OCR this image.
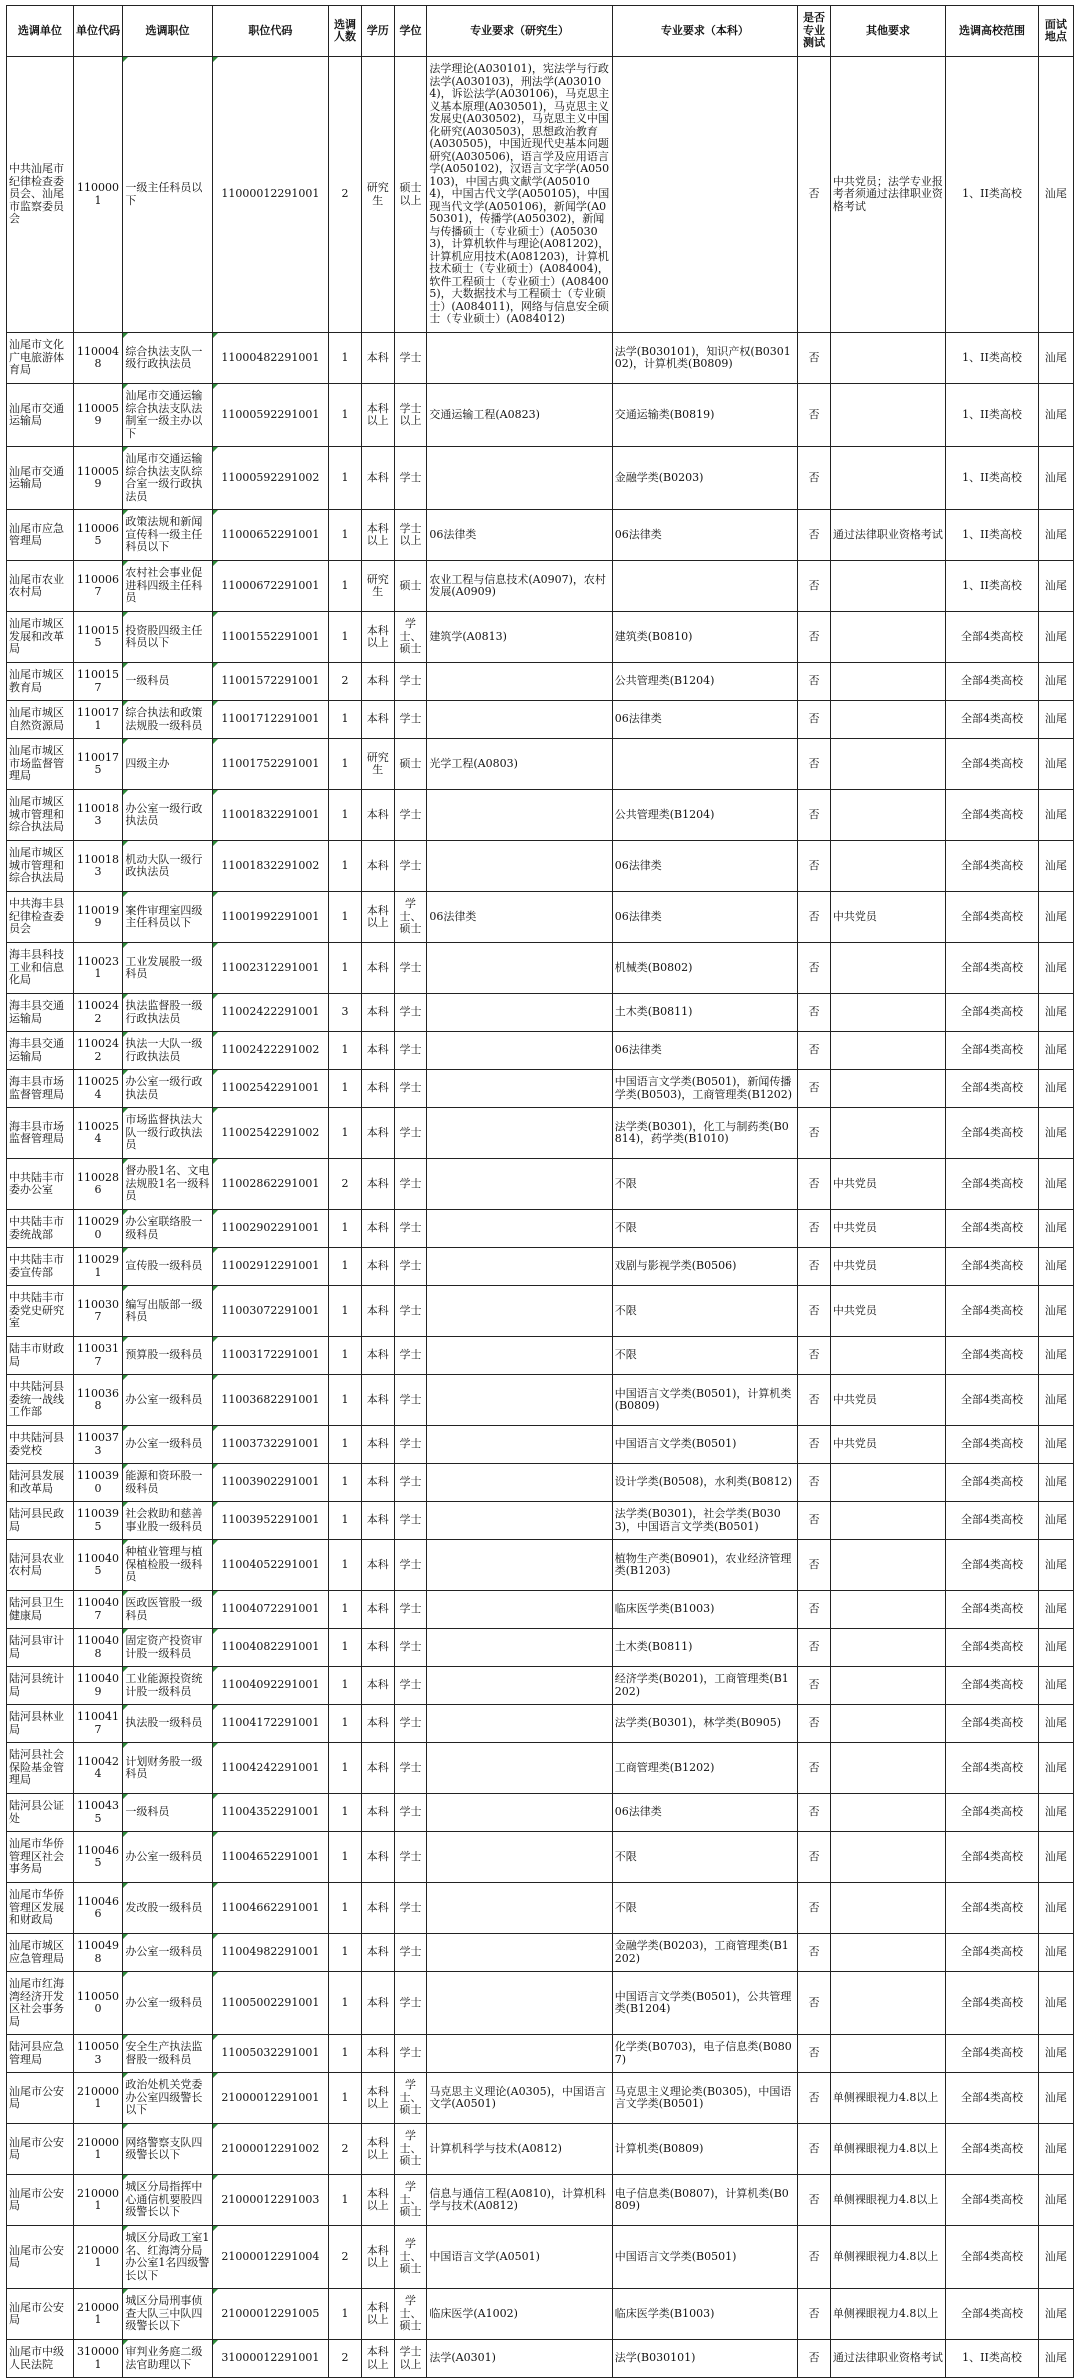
选调单位	单位代码	选调职位	职位代码	选调人数	学历	学位	专业要求（研究生）	专业要求（本科）	是否专业测试	其他要求	选调高校范围	面试地点
中共汕尾市纪律检查委员会、汕尾市监察委员会	1100001	一级主任科员以下	11000012291001	2	研究生	硕士以上	法学理论(A030101)，宪法学与行政法学(A030103)，刑法学(A030104)，诉讼法学(A030106)，马克思主义基本原理(A030501)，马克思主义发展史(A030502)，马克思主义中国化研究(A030503)，思想政治教育(A030505)，中国近现代史基本问题研究(A030506)，语言学及应用语言学(A050102)，汉语言文字学(A050103)，中国古典文献学(A050104)，中国古代文学(A050105)，中国现当代文学(A050106)，新闻学(A050301)，传播学(A050302)，新闻与传播硕士（专业硕士）(A050303)，计算机软件与理论(A081202)，计算机应用技术(A081203)，计算机技术硕士（专业硕士）(A084004)，软件工程硕士（专业硕士）(A084005)，大数据技术与工程硕士（专业硕士）(A084011)，网络与信息安全硕士（专业硕士）(A084012)		否	中共党员；法学专业报考者须通过法律职业资格考试	1、II类高校	汕尾
汕尾市文化广电旅游体育局	1100048	综合执法支队一级行政执法员	11000482291001	1	本科	学士		法学(B030101)，知识产权(B030102)，计算机类(B0809)	否		1、II类高校	汕尾
汕尾市交通运输局	1100059	汕尾市交通运输综合执法支队法制室一级主办以下	11000592291001	1	本科以上	学士以上	交通运输工程(A0823)	交通运输类(B0819)	否		1、II类高校	汕尾
汕尾市交通运输局	1100059	汕尾市交通运输综合执法支队综合室一级行政执法员	11000592291002	1	本科	学士		金融学类(B0203)	否		1、II类高校	汕尾
汕尾市应急管理局	1100065	政策法规和新闻宣传科一级主任科员以下	11000652291001	1	本科以上	学士以上	06法律类	06法律类	否	通过法律职业资格考试	1、II类高校	汕尾
汕尾市农业农村局	1100067	农村社会事业促进科四级主任科员	11000672291001	1	研究生	硕士	农业工程与信息技术(A0907)，农村发展(A0909)		否		1、II类高校	汕尾
汕尾市城区发展和改革局	1100155	投资股四级主任科员以下	11001552291001	1	本科以上	学士、硕士	建筑学(A0813)	建筑类(B0810)	否		全部4类高校	汕尾
汕尾市城区教育局	1100157	一级科员	11001572291001	2	本科	学士		公共管理类(B1204)	否		全部4类高校	汕尾
汕尾市城区自然资源局	1100171	综合执法和政策法规股一级科员	11001712291001	1	本科	学士		06法律类	否		全部4类高校	汕尾
汕尾市城区市场监督管理局	1100175	四级主办	11001752291001	1	研究生	硕士	光学工程(A0803)		否		全部4类高校	汕尾
汕尾市城区城市管理和综合执法局	1100183	办公室一级行政执法员	11001832291001	1	本科	学士		公共管理类(B1204)	否		全部4类高校	汕尾
汕尾市城区城市管理和综合执法局	1100183	机动大队一级行政执法员	11001832291002	1	本科	学士		06法律类	否		全部4类高校	汕尾
中共海丰县纪律检查委员会	1100199	案件审理室四级主任科员以下	11001992291001	1	本科以上	学士、硕士	06法律类	06法律类	否	中共党员	全部4类高校	汕尾
海丰县科技工业和信息化局	1100231	工业发展股一级科员	11002312291001	1	本科	学士		机械类(B0802)	否		全部4类高校	汕尾
海丰县交通运输局	1100242	执法监督股一级行政执法员	11002422291001	3	本科	学士		土木类(B0811)	否		全部4类高校	汕尾
海丰县交通运输局	1100242	执法一大队一级行政执法员	11002422291002	1	本科	学士		06法律类	否		全部4类高校	汕尾
海丰县市场监督管理局	1100254	办公室一级行政执法员	11002542291001	1	本科	学士		中国语言文学类(B0501)，新闻传播学类(B0503)，工商管理类(B1202)	否		全部4类高校	汕尾
海丰县市场监督管理局	1100254	市场监督执法大队一级行政执法员	11002542291002	1	本科	学士		法学类(B0301)，化工与制药类(B0814)，药学类(B1010)	否		全部4类高校	汕尾
中共陆丰市委办公室	1100286	督办股1名、文电法规股1名一级科员	11002862291001	2	本科	学士		不限	否	中共党员	全部4类高校	汕尾
中共陆丰市委统战部	1100290	办公室联络股一级科员	11002902291001	1	本科	学士		不限	否	中共党员	全部4类高校	汕尾
中共陆丰市委宣传部	1100291	宣传股一级科员	11002912291001	1	本科	学士		戏剧与影视学类(B0506)	否	中共党员	全部4类高校	汕尾
中共陆丰市委党史研究室	1100307	编写出版部一级科员	11003072291001	1	本科	学士		不限	否	中共党员	全部4类高校	汕尾
陆丰市财政局	1100317	预算股一级科员	11003172291001	1	本科	学士		不限	否		全部4类高校	汕尾
中共陆河县委统一战线工作部	1100368	办公室一级科员	11003682291001	1	本科	学士		中国语言文学类(B0501)，计算机类(B0809)	否	中共党员	全部4类高校	汕尾
中共陆河县委党校	1100373	办公室一级科员	11003732291001	1	本科	学士		中国语言文学类(B0501)	否	中共党员	全部4类高校	汕尾
陆河县发展和改革局	1100390	能源和资环股一级科员	11003902291001	1	本科	学士		设计学类(B0508)，水利类(B0812)	否		全部4类高校	汕尾
陆河县民政局	1100395	社会救助和慈善事业股一级科员	11003952291001	1	本科	学士		法学类(B0301)，社会学类(B0303)，中国语言文学类(B0501)	否		全部4类高校	汕尾
陆河县农业农村局	1100405	种植业管理与植保植检股一级科员	11004052291001	1	本科	学士		植物生产类(B0901)，农业经济管理类(B1203)	否		全部4类高校	汕尾
陆河县卫生健康局	1100407	医政医管股一级科员	11004072291001	1	本科	学士		临床医学类(B1003)	否		全部4类高校	汕尾
陆河县审计局	1100408	固定资产投资审计股一级科员	11004082291001	1	本科	学士		土木类(B0811)	否		全部4类高校	汕尾
陆河县统计局	1100409	工业能源投资统计股一级科员	11004092291001	1	本科	学士		经济学类(B0201)，工商管理类(B1202)	否		全部4类高校	汕尾
陆河县林业局	1100417	执法股一级科员	11004172291001	1	本科	学士		法学类(B0301)，林学类(B0905)	否		全部4类高校	汕尾
陆河县社会保险基金管理局	1100424	计划财务股一级科员	11004242291001	1	本科	学士		工商管理类(B1202)	否		全部4类高校	汕尾
陆河县公证处	1100435	一级科员	11004352291001	1	本科	学士		06法律类	否		全部4类高校	汕尾
汕尾市华侨管理区社会事务局	1100465	办公室一级科员	11004652291001	1	本科	学士		不限	否		全部4类高校	汕尾
汕尾市华侨管理区发展和财政局	1100466	发改股一级科员	11004662291001	1	本科	学士		不限	否		全部4类高校	汕尾
汕尾市城区应急管理局	1100498	办公室一级科员	11004982291001	1	本科	学士		金融学类(B0203)，工商管理类(B1202)	否		全部4类高校	汕尾
汕尾市红海湾经济开发区社会事务局	1100500	办公室一级科员	11005002291001	1	本科	学士		中国语言文学类(B0501)，公共管理类(B1204)	否		全部4类高校	汕尾
陆河县应急管理局	1100503	安全生产执法监督股一级科员	11005032291001	1	本科	学士		化学类(B0703)，电子信息类(B0807)	否		全部4类高校	汕尾
汕尾市公安局	2100001	政治处机关党委办公室四级警长以下	21000012291001	1	本科以上	学士、硕士	马克思主义理论(A0305)，中国语言文学(A0501)	马克思主义理论类(B0305)，中国语言文学类(B0501)	否	单侧裸眼视力4.8以上	全部4类高校	汕尾
汕尾市公安局	2100001	网络警察支队四级警长以下	21000012291002	2	本科以上	学士、硕士	计算机科学与技术(A0812)	计算机类(B0809)	否	单侧裸眼视力4.8以上	全部4类高校	汕尾
汕尾市公安局	2100001	城区分局指挥中心通信机要股四级警长以下	21000012291003	1	本科以上	学士、硕士	信息与通信工程(A0810)，计算机科学与技术(A0812)	电子信息类(B0807)，计算机类(B0809)	否	单侧裸眼视力4.8以上	全部4类高校	汕尾
汕尾市公安局	2100001	城区分局政工室1名、红海湾分局办公室1名四级警长以下	21000012291004	2	本科以上	学士、硕士	中国语言文学(A0501)	中国语言文学类(B0501)	否	单侧裸眼视力4.8以上	全部4类高校	汕尾
汕尾市公安局	2100001	城区分局刑事侦查大队三中队四级警长以下	21000012291005	1	本科以上	学士、硕士	临床医学(A1002)	临床医学类(B1003)	否	单侧裸眼视力4.8以上	全部4类高校	汕尾
汕尾市中级人民法院	3100001	审判业务庭二级法官助理以下	31000012291001	2	本科以上	学士以上	法学(A0301)	法学(B030101)	否	通过法律职业资格考试	1、II类高校	汕尾
